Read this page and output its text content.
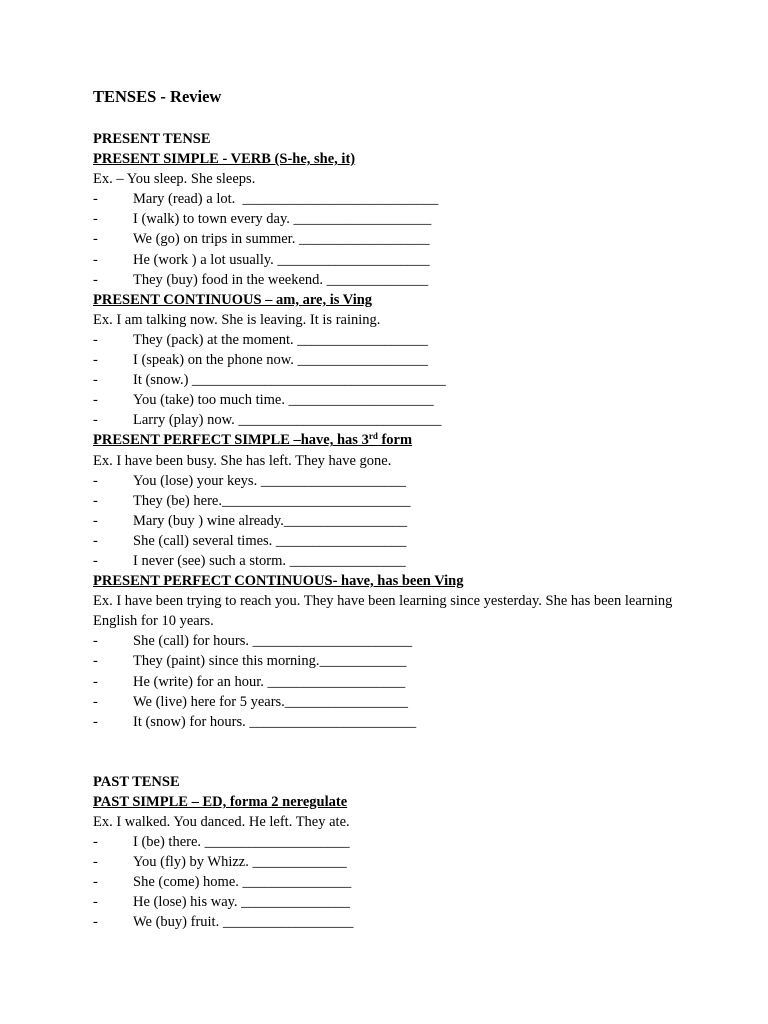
TENSES - Review
PRESENT TENSE
PRESENT SIMPLE - VERB (S-he, she, it)
Ex. – You sleep. She sleeps.
-	Mary (read) a lot.  ___________________________
-	I (walk) to town every day. ___________________
-	We (go) on trips in summer. __________________
-	He (work ) a lot usually. _____________________
-	They (buy) food in the weekend. ______________
PRESENT CONTINUOUS – am, are, is Ving
Ex. I am talking now. She is leaving. It is raining.
-	They (pack) at the moment. __________________
-	I (speak) on the phone now. __________________
-	It (snow.) ___________________________________
-	You (take) too much time. ____________________
-	Larry (play) now. ____________________________
PRESENT PERFECT SIMPLE –have, has 3rd form
Ex. I have been busy. She has left. They have gone.
-	You (lose) your keys. ____________________
-	They (be) here.__________________________
-	Mary (buy ) wine already._________________
-	She (call) several times. __________________
-	I never (see) such a storm. ________________
PRESENT PERFECT CONTINUOUS- have, has been Ving
Ex. I have been trying to reach you. They have been learning since yesterday. She has been learning English for 10 years.
-	She (call) for hours. ______________________
-	They (paint) since this morning.____________
-	He (write) for an hour. ___________________
-	We (live) here for 5 years._________________
-	It (snow) for hours. _______________________
PAST TENSE
PAST SIMPLE – ED, forma 2 neregulate
Ex. I walked. You danced. He left. They ate.
-	I (be) there. ____________________
-	You (fly) by Whizz. _____________
-	She (come) home. _______________
-	He (lose) his way. _______________
-	We (buy) fruit. __________________
